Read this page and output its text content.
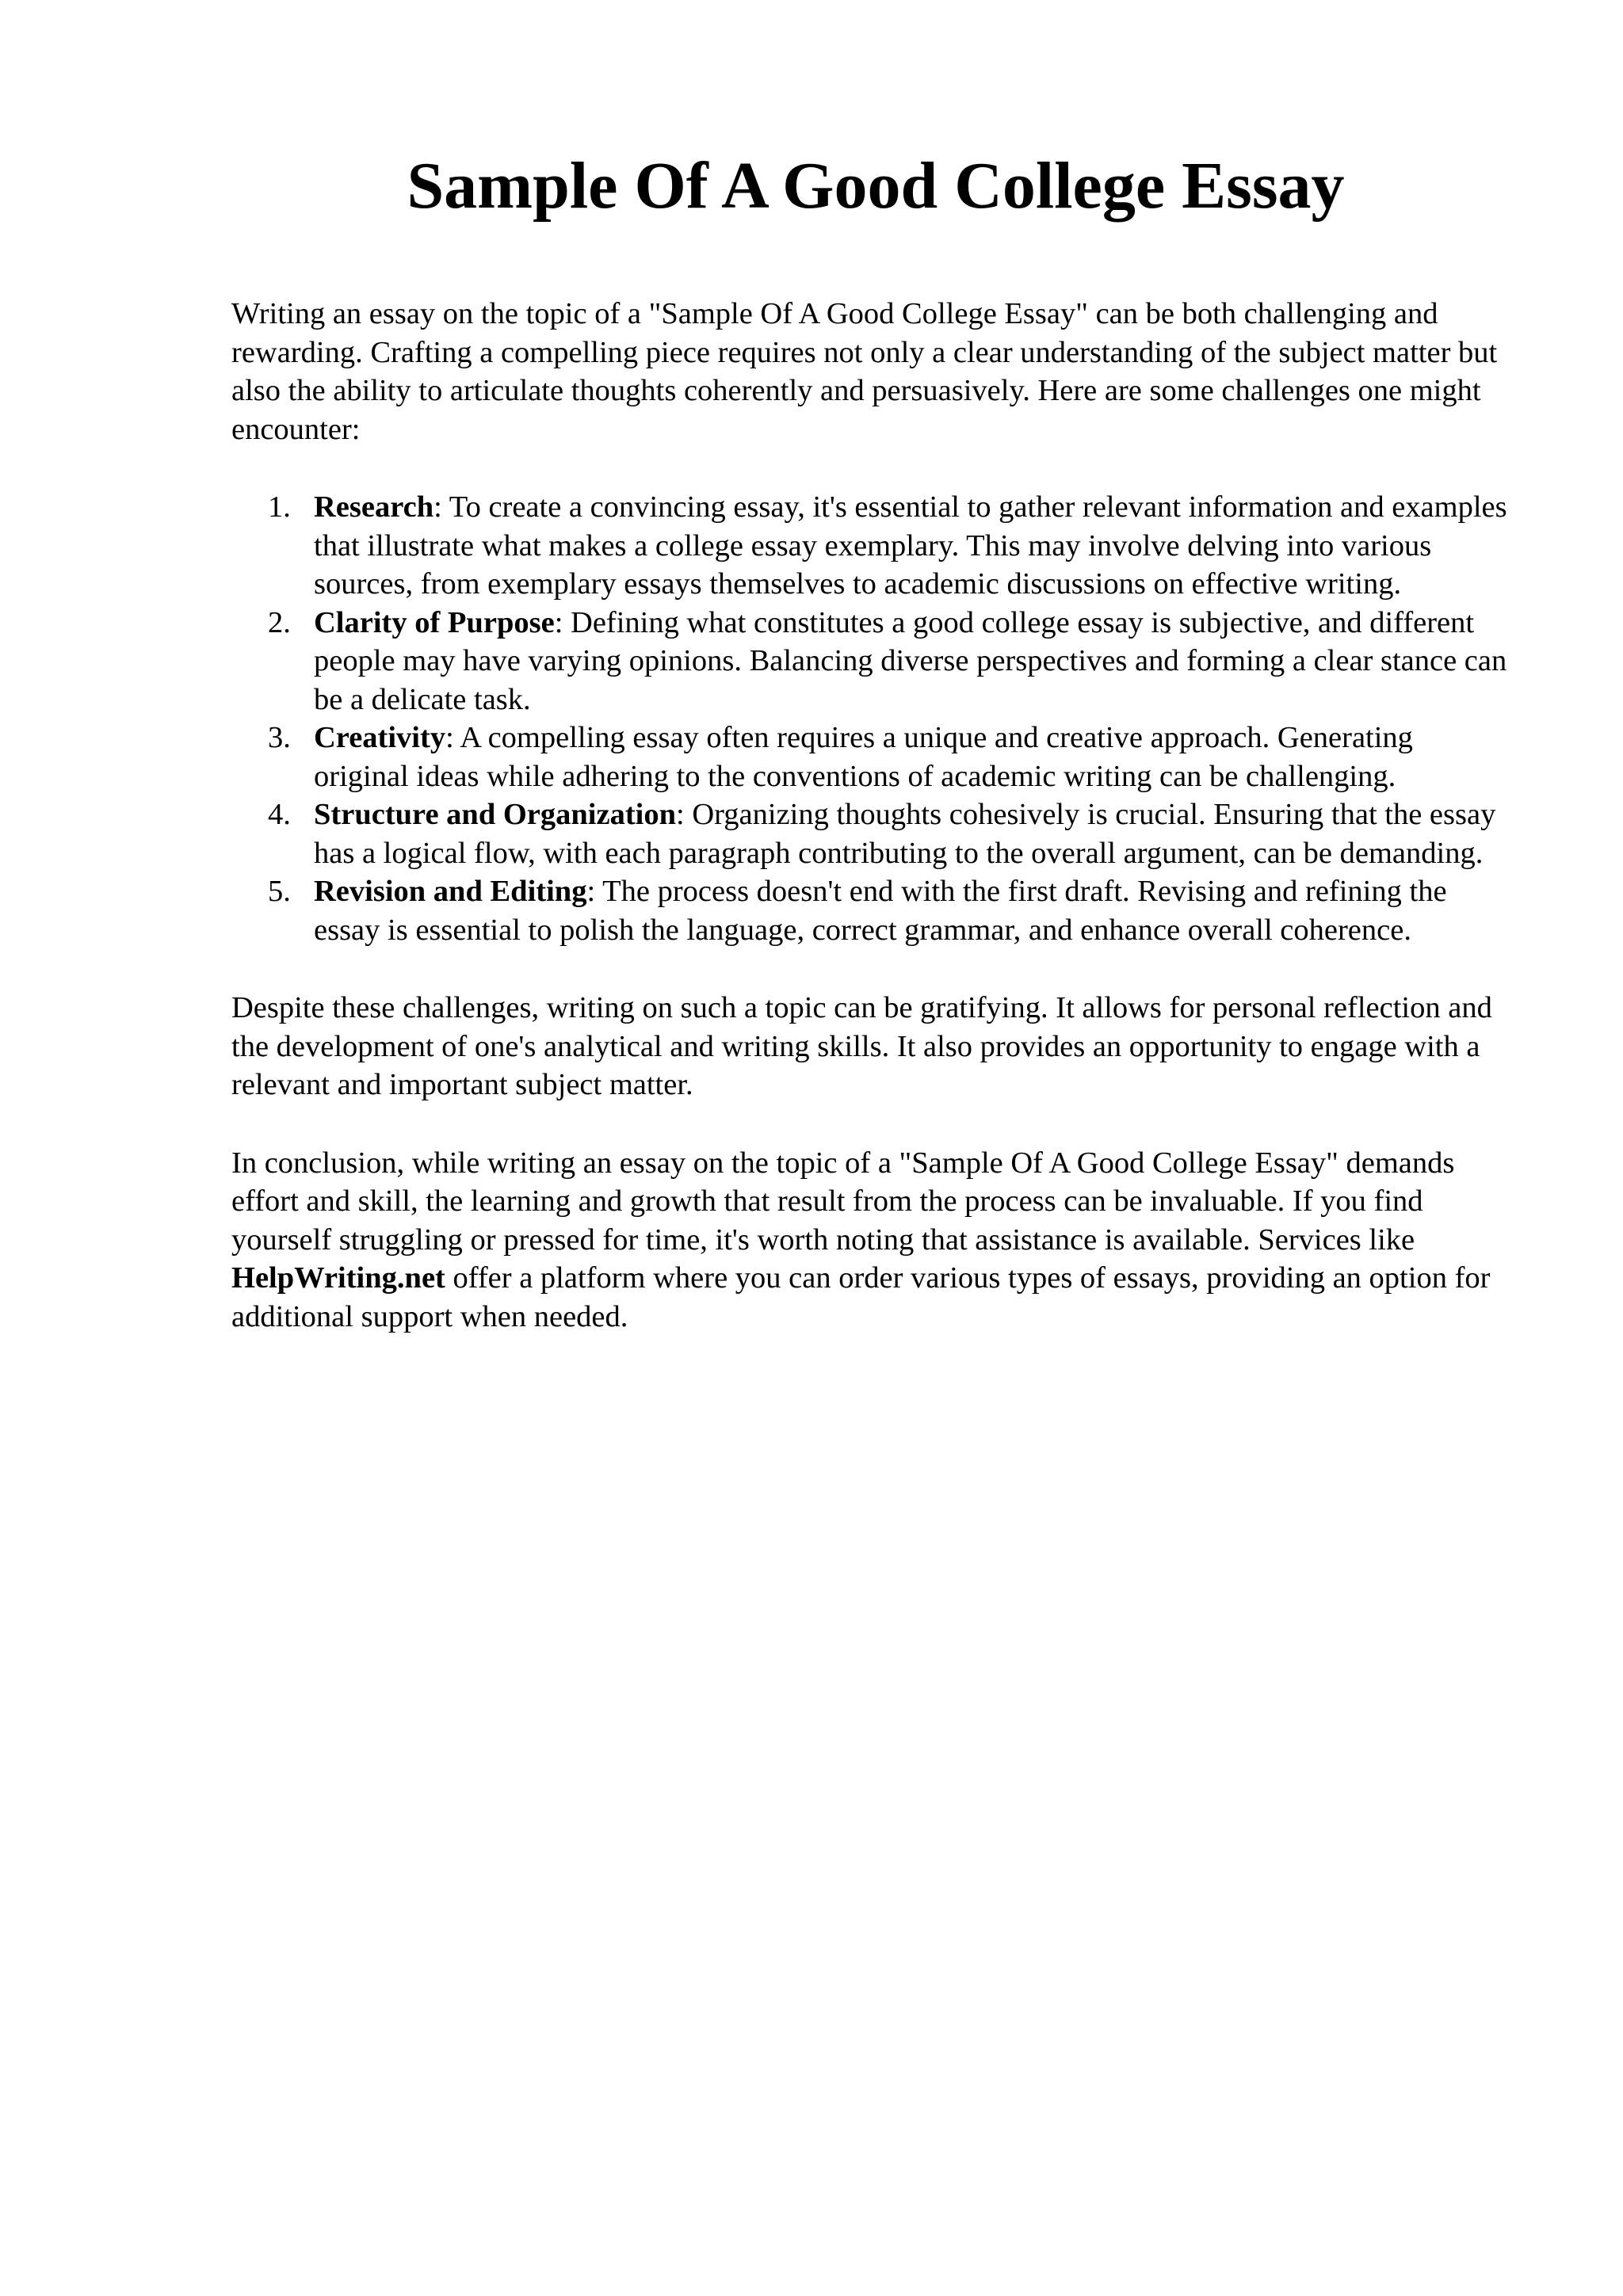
Sample Of A Good College Essay

Writing an essay on the topic of a "Sample Of A Good College Essay" can be both challenging and rewarding. Crafting a compelling piece requires not only a clear understanding of the subject matter but also the ability to articulate thoughts coherently and persuasively. Here are some challenges one might encounter:

1. Research: To create a convincing essay, it's essential to gather relevant information and examples that illustrate what makes a college essay exemplary. This may involve delving into various sources, from exemplary essays themselves to academic discussions on effective writing.
2. Clarity of Purpose: Defining what constitutes a good college essay is subjective, and different people may have varying opinions. Balancing diverse perspectives and forming a clear stance can be a delicate task.
3. Creativity: A compelling essay often requires a unique and creative approach. Generating original ideas while adhering to the conventions of academic writing can be challenging.
4. Structure and Organization: Organizing thoughts cohesively is crucial. Ensuring that the essay has a logical flow, with each paragraph contributing to the overall argument, can be demanding.
5. Revision and Editing: The process doesn't end with the first draft. Revising and refining the essay is essential to polish the language, correct grammar, and enhance overall coherence.

Despite these challenges, writing on such a topic can be gratifying. It allows for personal reflection and the development of one's analytical and writing skills. It also provides an opportunity to engage with a relevant and important subject matter.

In conclusion, while writing an essay on the topic of a "Sample Of A Good College Essay" demands effort and skill, the learning and growth that result from the process can be invaluable. If you find yourself struggling or pressed for time, it's worth noting that assistance is available. Services like HelpWriting.net offer a platform where you can order various types of essays, providing an option for additional support when needed.
